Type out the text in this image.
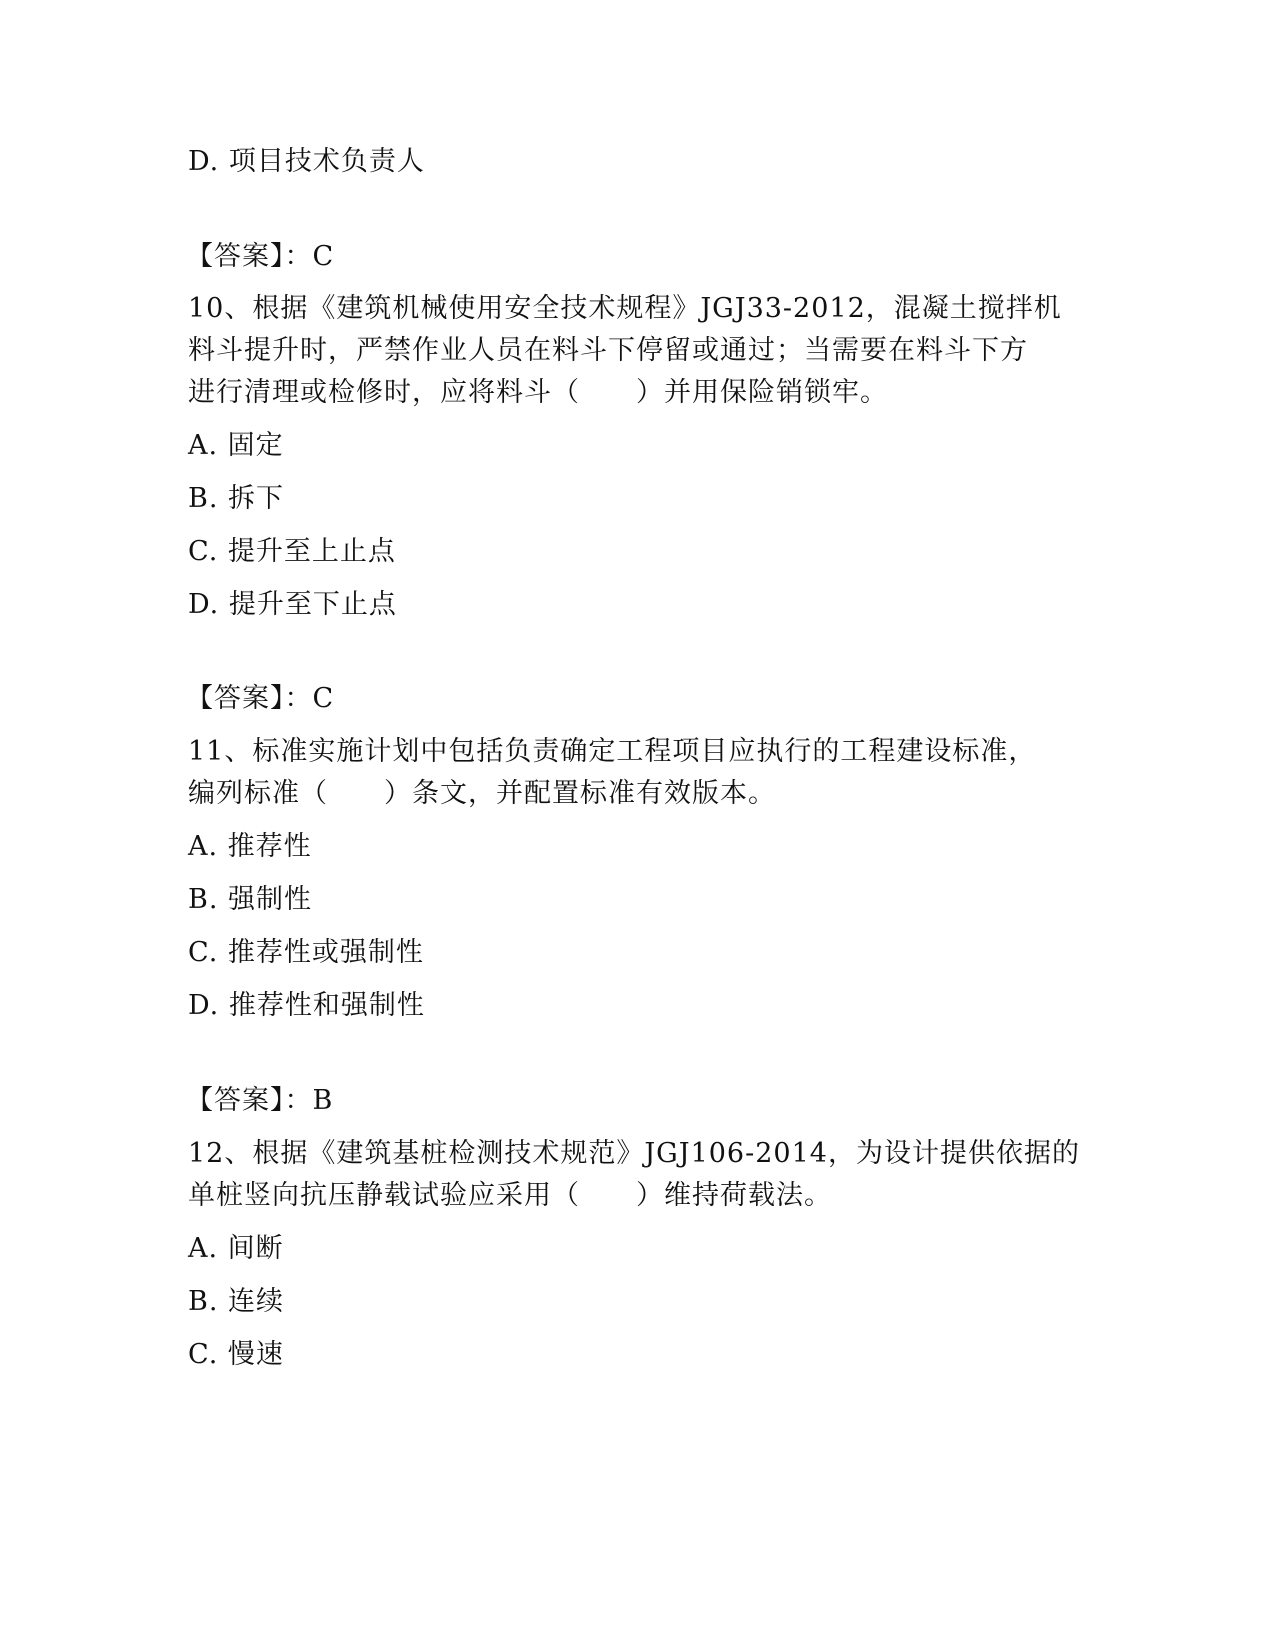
D. 项目技术负责人
【答案】：C
10、根据《建筑机械使用安全技术规程》JGJ33-2012，混凝土搅拌机
料斗提升时，严禁作业人员在料斗下停留或通过；当需要在料斗下方
进行清理或检修时，应将料斗（　　）并用保险销锁牢。
A. 固定
B. 拆下
C. 提升至上止点
D. 提升至下止点
【答案】：C
11、标准实施计划中包括负责确定工程项目应执行的工程建设标准，
编列标准（　　）条文，并配置标准有效版本。
A. 推荐性
B. 强制性
C. 推荐性或强制性
D. 推荐性和强制性
【答案】：B
12、根据《建筑基桩检测技术规范》JGJ106-2014，为设计提供依据的
单桩竖向抗压静载试验应采用（　　）维持荷载法。
A. 间断
B. 连续
C. 慢速
